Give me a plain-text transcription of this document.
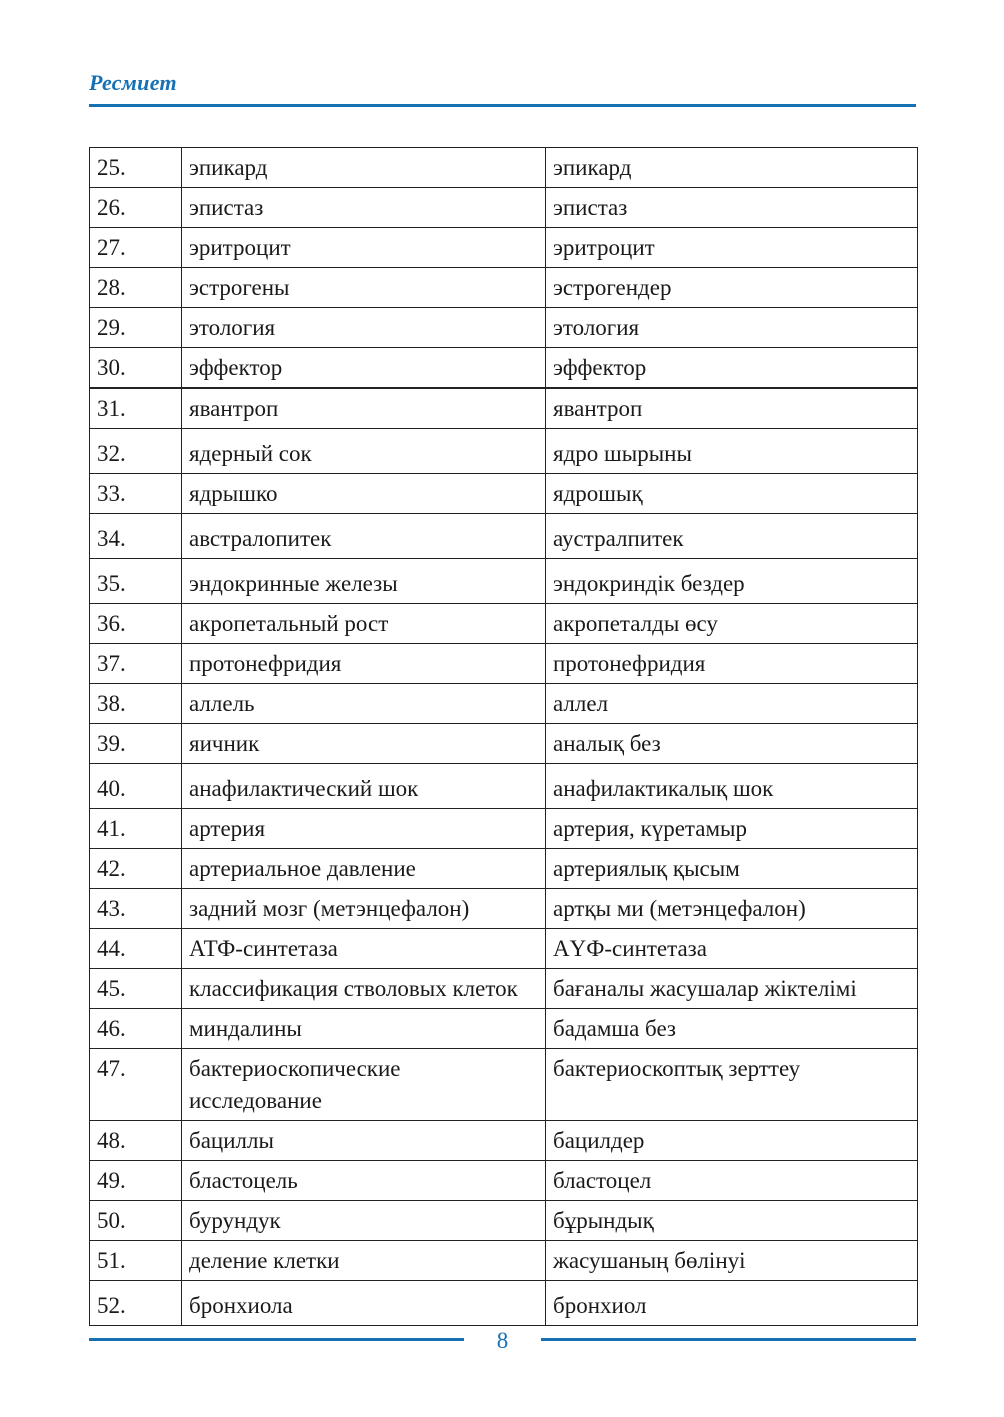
Ресмиет
25.	эпикард	эпикард
26.	эпистаз	эпистаз
27.	эритроцит	эритроцит
28.	эстрогены	эстрогендер
29.	этология	этология
30.	эффектор	эффектор
31.	явантроп	явантроп
32.	ядерный сок	ядро шырыны
33.	ядрышко	ядрошық
34.	австралопитек	аустралпитек
35.	эндокринные железы	эндокриндік бездер
36.	акропетальный рост	акропеталды өсу
37.	протонефридия	протонефридия
38.	аллель	аллел
39.	яичник	аналық без
40.	анафилактический шок	анафилактикалық шок
41.	артерия	артерия, күретамыр
42.	артериальное давление	артериялық қысым
43.	задний мозг (метэнцефалон)	артқы ми (метэнцефалон)
44.	АТФ-синтетаза	АҮФ-синтетаза
45.	классификация стволовых клеток	бағаналы жасушалар жіктелімі
46.	миндалины	бадамша без
47.	бактериоскопические исследование	бактериоскоптық зерттеу
48.	бациллы	бацилдер
49.	бластоцель	бластоцел
50.	бурундук	бұрындық
51.	деление клетки	жасушаның бөлінуі
52.	бронхиола	бронхиол
8
